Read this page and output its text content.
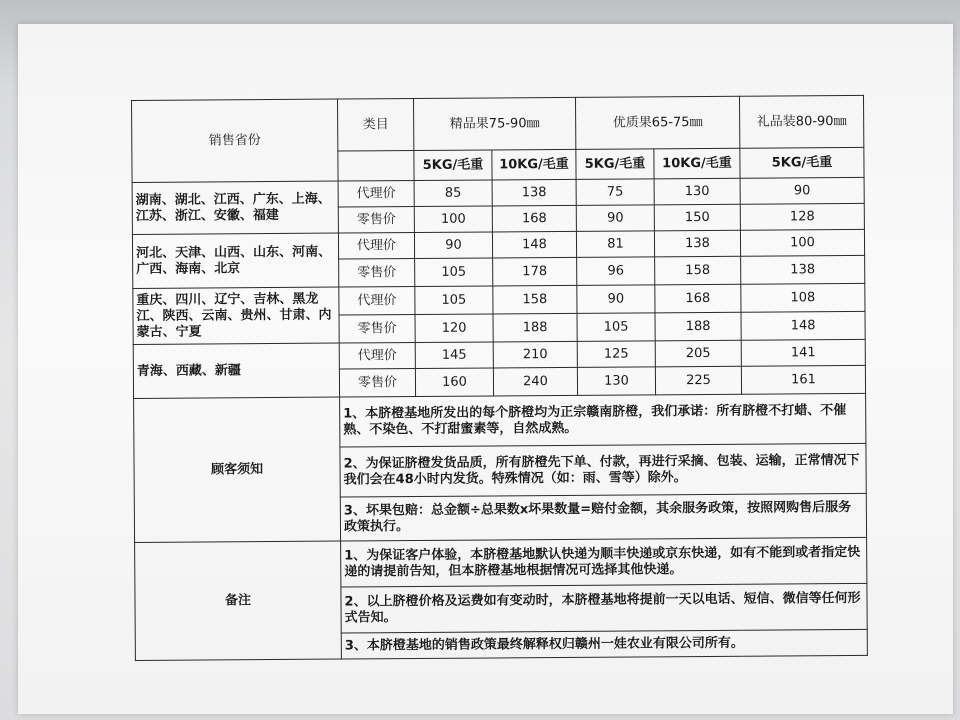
销售省份	类目	精品果75-90㎜		优质果65-75㎜		礼品装80-90㎜
		5KG/毛重	10KG/毛重	5KG/毛重	10KG/毛重	5KG/毛重
湖南、湖北、江西、广东、上海、江苏、浙江、安徽、福建	代理价	85	138	75	130	90
	零售价	100	168	90	150	128
河北、天津、山西、山东、河南、广西、海南、北京	代理价	90	148	81	138	100
	零售价	105	178	96	158	138
重庆、四川、辽宁、吉林、黑龙江、陕西、云南、贵州、甘肃、内蒙古、宁夏	代理价	105	158	90	168	108
	零售价	120	188	105	188	148
青海、西藏、新疆	代理价	145	210	125	205	141
	零售价	160	240	130	225	161
顾客须知	1、本脐橙基地所发出的每个脐橙均为正宗赣南脐橙，我们承诺：所有脐橙不打蜡、不催熟、不染色、不打甜蜜素等，自然成熟。					
	2、为保证脐橙发货品质，所有脐橙先下单、付款，再进行采摘、包装、运输，正常情况下我们会在48小时内发货。特殊情况（如：雨、雪等）除外。					
	3、坏果包赔：总金额÷总果数x坏果数量=赔付金额，其余服务政策，按照网购售后服务政策执行。					
备注	1、为保证客户体验，本脐橙基地默认快递为顺丰快递或京东快递，如有不能到或者指定快递的请提前告知，但本脐橙基地根据情况可选择其他快递。					
	2、以上脐橙价格及运费如有变动时，本脐橙基地将提前一天以电话、短信、微信等任何形式告知。					
	3、本脐橙基地的销售政策最终解释权归赣州一娃农业有限公司所有。					
